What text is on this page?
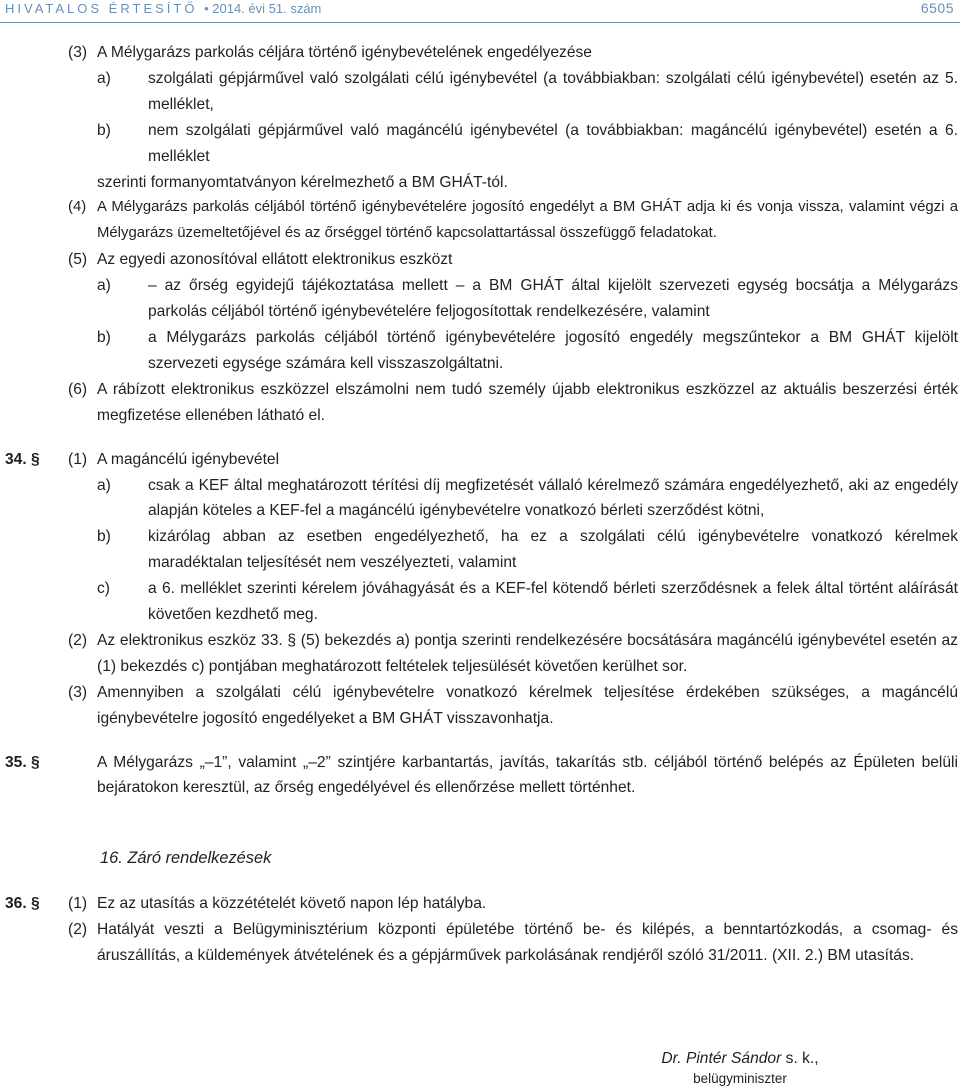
HIVATALOS ÉRTESÍTŐ • 2014. évi 51. szám	6505
(3) A Mélygarázs parkolás céljára történő igénybevételének engedélyezése
a)	szolgálati gépjárművel való szolgálati célú igénybevétel (a továbbiakban: szolgálati célú igénybevétel) esetén az 5. melléklet,
b)	nem szolgálati gépjárművel való magáncélú igénybevétel (a továbbiakban: magáncélú igénybevétel) esetén a 6. melléklet
szerinti formanyomtatványon kérelmezhető a BM GHÁT-tól.
(4) A Mélygarázs parkolás céljából történő igénybevételére jogosító engedélyt a BM GHÁT adja ki és vonja vissza, valamint végzi a Mélygarázs üzemeltetőjével és az őrséggel történő kapcsolattartással összefüggő feladatokat.
(5) Az egyedi azonosítóval ellátott elektronikus eszközt
a)	– az őrség egyidejű tájékoztatása mellett – a BM GHÁT által kijelölt szervezeti egység bocsátja a Mélygarázs parkolás céljából történő igénybevételére feljogosítottak rendelkezésére, valamint
b)	a Mélygarázs parkolás céljából történő igénybevételére jogosító engedély megszűntekor a BM GHÁT kijelölt szervezeti egysége számára kell visszaszolgáltatni.
(6) A rábízott elektronikus eszközzel elszámolni nem tudó személy újabb elektronikus eszközzel az aktuális beszerzési érték megfizetése ellenében látható el.
34. § (1) A magáncélú igénybevétel
a)	csak a KEF által meghatározott térítési díj megfizetését vállaló kérelmező számára engedélyezhető, aki az engedély alapján köteles a KEF-fel a magáncélú igénybevételre vonatkozó bérleti szerződést kötni,
b)	kizárólag abban az esetben engedélyezhető, ha ez a szolgálati célú igénybevételre vonatkozó kérelmek maradéktalan teljesítését nem veszélyezteti, valamint
c)	a 6. melléklet szerinti kérelem jóváhagyását és a KEF-fel kötendő bérleti szerződésnek a felek által történt aláírását követően kezdhető meg.
(2) Az elektronikus eszköz 33. § (5) bekezdés a) pontja szerinti rendelkezésére bocsátására magáncélú igénybevétel esetén az (1) bekezdés c) pontjában meghatározott feltételek teljesülését követően kerülhet sor.
(3) Amennyiben a szolgálati célú igénybevételre vonatkozó kérelmek teljesítése érdekében szükséges, a magáncélú igénybevételre jogosító engedélyeket a BM GHÁT visszavonhatja.
35. §	A Mélygarázs „–1”, valamint „–2” szintjére karbantartás, javítás, takarítás stb. céljából történő belépés az Épületen belüli bejáratokon keresztül, az őrség engedélyével és ellenőrzése mellett történhet.
16. Záró rendelkezések
36. § (1) Ez az utasítás a közzétételét követő napon lép hatályba.
(2) Hatályát veszti a Belügyminisztérium központi épületébe történő be- és kilépés, a benntartózkodás, a csomag- és áruszállítás, a küldemények átvételének és a gépjárművek parkolásának rendjéről szóló 31/2011. (XII. 2.) BM utasítás.
Dr. Pintér Sándor s. k.,
belügyminiszter
